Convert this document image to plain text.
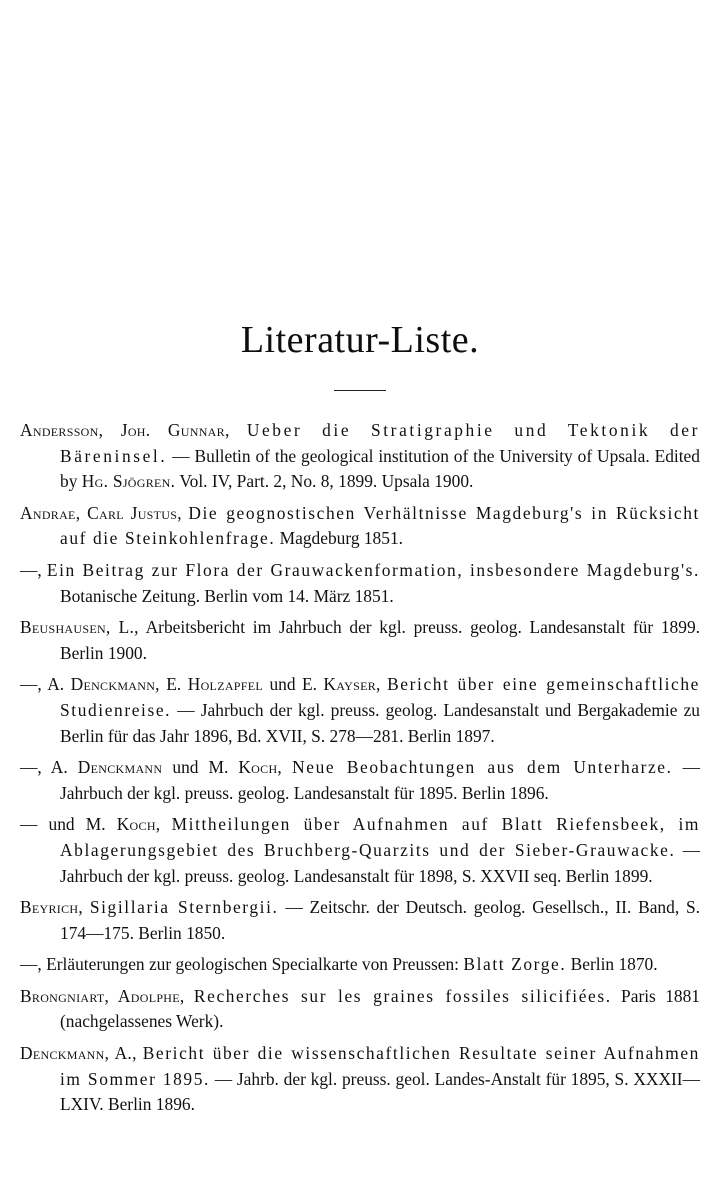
Literatur-Liste.

Andersson, Joh. Gunnar, Ueber die Stratigraphie und Tektonik der Bäreninsel. — Bulletin of the geological institution of the University of Upsala. Edited by Hg. Sjögren. Vol. IV, Part. 2, No. 8, 1899. Upsala 1900.

Andrae, Carl Justus, Die geognostischen Verhältnisse Magdeburg's in Rücksicht auf die Steinkohlenfrage. Magdeburg 1851.

—, Ein Beitrag zur Flora der Grauwackenformation, insbesondere Magdeburg's. Botanische Zeitung. Berlin vom 14. März 1851.

Beushausen, L., Arbeitsbericht im Jahrbuch der kgl. preuss. geolog. Landesanstalt für 1899. Berlin 1900.

—, A. Denckmann, E. Holzapfel und E. Kayser, Bericht über eine gemeinschaftliche Studienreise. — Jahrbuch der kgl. preuss. geolog. Landesanstalt und Bergakademie zu Berlin für das Jahr 1896, Bd. XVII, S. 278—281. Berlin 1897.

—, A. Denckmann und M. Koch, Neue Beobachtungen aus dem Unterharze. — Jahrbuch der kgl. preuss. geolog. Landesanstalt für 1895. Berlin 1896.

— und M. Koch, Mittheilungen über Aufnahmen auf Blatt Riefensbeek, im Ablagerungsgebiet des Bruchberg-Quarzits und der Sieber-Grauwacke. — Jahrbuch der kgl. preuss. geolog. Landesanstalt für 1898, S. XXVII seq. Berlin 1899.

Beyrich, Sigillaria Sternbergii. — Zeitschr. der Deutsch. geolog. Gesellsch., II. Band, S. 174—175. Berlin 1850.

—, Erläuterungen zur geologischen Specialkarte von Preussen: Blatt Zorge. Berlin 1870.

Brongniart, Adolphe, Recherches sur les graines fossiles silicifiées. Paris 1881 (nachgelassenes Werk).

Denckmann, A., Bericht über die wissenschaftlichen Resultate seiner Aufnahmen im Sommer 1895. — Jahrb. der kgl. preuss. geol. Landes-Anstalt für 1895, S. XXXII—LXIV. Berlin 1896.
